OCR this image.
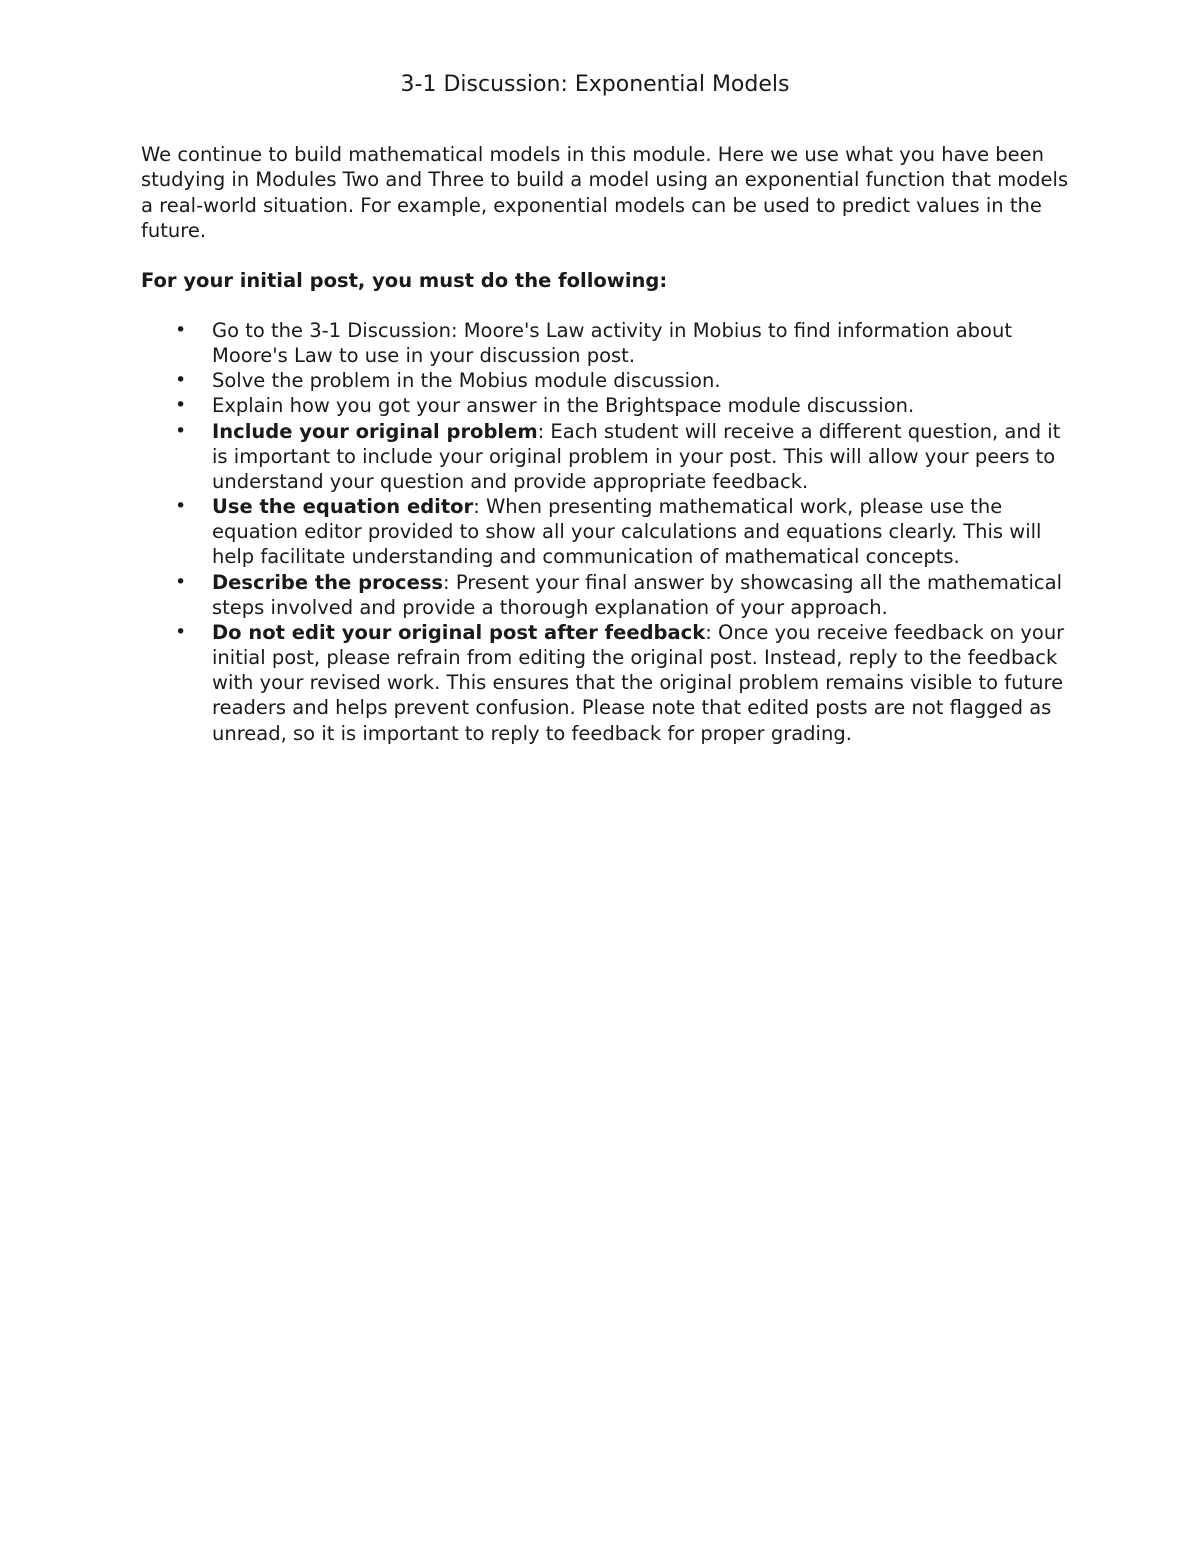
3-1 Discussion: Exponential Models

We continue to build mathematical models in this module. Here we use what you have been studying in Modules Two and Three to build a model using an exponential function that models a real-world situation. For example, exponential models can be used to predict values in the future.

For your initial post, you must do the following:

• Go to the 3-1 Discussion: Moore's Law activity in Mobius to find information about Moore's Law to use in your discussion post.
• Solve the problem in the Mobius module discussion.
• Explain how you got your answer in the Brightspace module discussion.
• Include your original problem: Each student will receive a different question, and it is important to include your original problem in your post. This will allow your peers to understand your question and provide appropriate feedback.
• Use the equation editor: When presenting mathematical work, please use the equation editor provided to show all your calculations and equations clearly. This will help facilitate understanding and communication of mathematical concepts.
• Describe the process: Present your final answer by showcasing all the mathematical steps involved and provide a thorough explanation of your approach.
• Do not edit your original post after feedback: Once you receive feedback on your initial post, please refrain from editing the original post. Instead, reply to the feedback with your revised work. This ensures that the original problem remains visible to future readers and helps prevent confusion. Please note that edited posts are not flagged as unread, so it is important to reply to feedback for proper grading.
